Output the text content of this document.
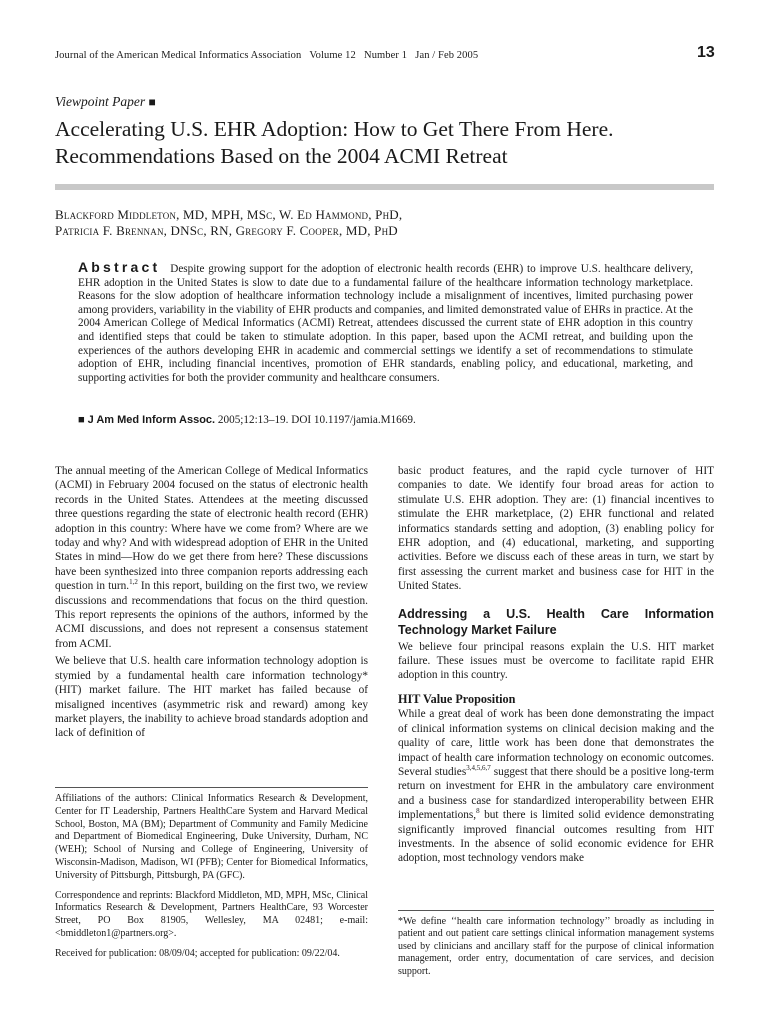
Journal of the American Medical Informatics Association   Volume 12   Number 1   Jan / Feb 2005	13
Viewpoint Paper ■
Accelerating U.S. EHR Adoption: How to Get There From Here.
Recommendations Based on the 2004 ACMI Retreat
Blackford Middleton, MD, MPH, MSc, W. Ed Hammond, PhD,
Patricia F. Brennan, DNSc, RN, Gregory F. Cooper, MD, PhD
Abstract Despite growing support for the adoption of electronic health records (EHR) to improve U.S. healthcare delivery, EHR adoption in the United States is slow to date due to a fundamental failure of the healthcare information technology marketplace. Reasons for the slow adoption of healthcare information technology include a misalignment of incentives, limited purchasing power among providers, variability in the viability of EHR products and companies, and limited demonstrated value of EHRs in practice. At the 2004 American College of Medical Informatics (ACMI) Retreat, attendees discussed the current state of EHR adoption in this country and identified steps that could be taken to stimulate adoption. In this paper, based upon the ACMI retreat, and building upon the experiences of the authors developing EHR in academic and commercial settings we identify a set of recommendations to stimulate adoption of EHR, including financial incentives, promotion of EHR standards, enabling policy, and educational, marketing, and supporting activities for both the provider community and healthcare consumers.
■ J Am Med Inform Assoc. 2005;12:13–19. DOI 10.1197/jamia.M1669.

The annual meeting of the American College of Medical Informatics (ACMI) in February 2004 focused on the status of electronic health records in the United States. Attendees at the meeting discussed three questions regarding the state of electronic health record (EHR) adoption in this country: Where have we come from? Where are we today and why? And with widespread adoption of EHR in the United States in mind—How do we get there from here? These discussions have been synthesized into three companion reports addressing each question in turn.$^{1,2}$ In this report, building on the first two, we review discussions and recommendations that focus on the third question. This report represents the opinions of the authors, informed by the ACMI discussions, and does not represent a consensus statement from ACMI.

We believe that U.S. health care information technology adoption is stymied by a fundamental health care information technology* (HIT) market failure. The HIT market has failed because of misaligned incentives (asymmetric risk and reward) among key market players, the inability to achieve broad standards adoption and lack of definition of

basic product features, and the rapid cycle turnover of HIT companies to date. We identify four broad areas for action to stimulate U.S. EHR adoption. They are: (1) financial incentives to stimulate the EHR marketplace, (2) EHR functional and related informatics standards setting and adoption, (3) enabling policy for EHR adoption, and (4) educational, marketing, and supporting activities. Before we discuss each of these areas in turn, we start by first assessing the current market and business case for HIT in the United States.

Addressing a U.S. Health Care Information Technology Market Failure

We believe four principal reasons explain the U.S. HIT market failure. These issues must be overcome to facilitate rapid EHR adoption in this country.

HIT Value Proposition

While a great deal of work has been done demonstrating the impact of clinical information systems on clinical decision making and the quality of care, little work has been done that demonstrates the impact of health care information technology on economic outcomes. Several studies$^{3,4,5,6,7}$ suggest that there should be a positive long-term return on investment for EHR in the ambulatory care environment and a business case for standardized interoperability between EHR implementations,$^8$ but there is limited solid evidence demonstrating significantly improved financial outcomes resulting from HIT investments. In the absence of solid economic evidence for EHR adoption, most technology vendors make

Affiliations of the authors: Clinical Informatics Research & Development, Center for IT Leadership, Partners HealthCare System and Harvard Medical School, Boston, MA (BM); Department of Community and Family Medicine and Department of Biomedical Engineering, Duke University, Durham, NC (WEH); School of Nursing and College of Engineering, University of Wisconsin-Madison, Madison, WI (PFB); Center for Biomedical Informatics, University of Pittsburgh, Pittsburgh, PA (GFC).

Correspondence and reprints: Blackford Middleton, MD, MPH, MSc, Clinical Informatics Research & Development, Partners HealthCare, 93 Worcester Street, PO Box 81905, Wellesley, MA 02481; e-mail: <bmiddleton1@partners.org>.

Received for publication: 08/09/04; accepted for publication: 09/22/04.

*We define ‘‘health care information technology’’ broadly as including in patient and out patient care settings clinical information management systems used by clinicians and ancillary staff for the purpose of clinical information management, order entry, documentation of care services, and decision support.
